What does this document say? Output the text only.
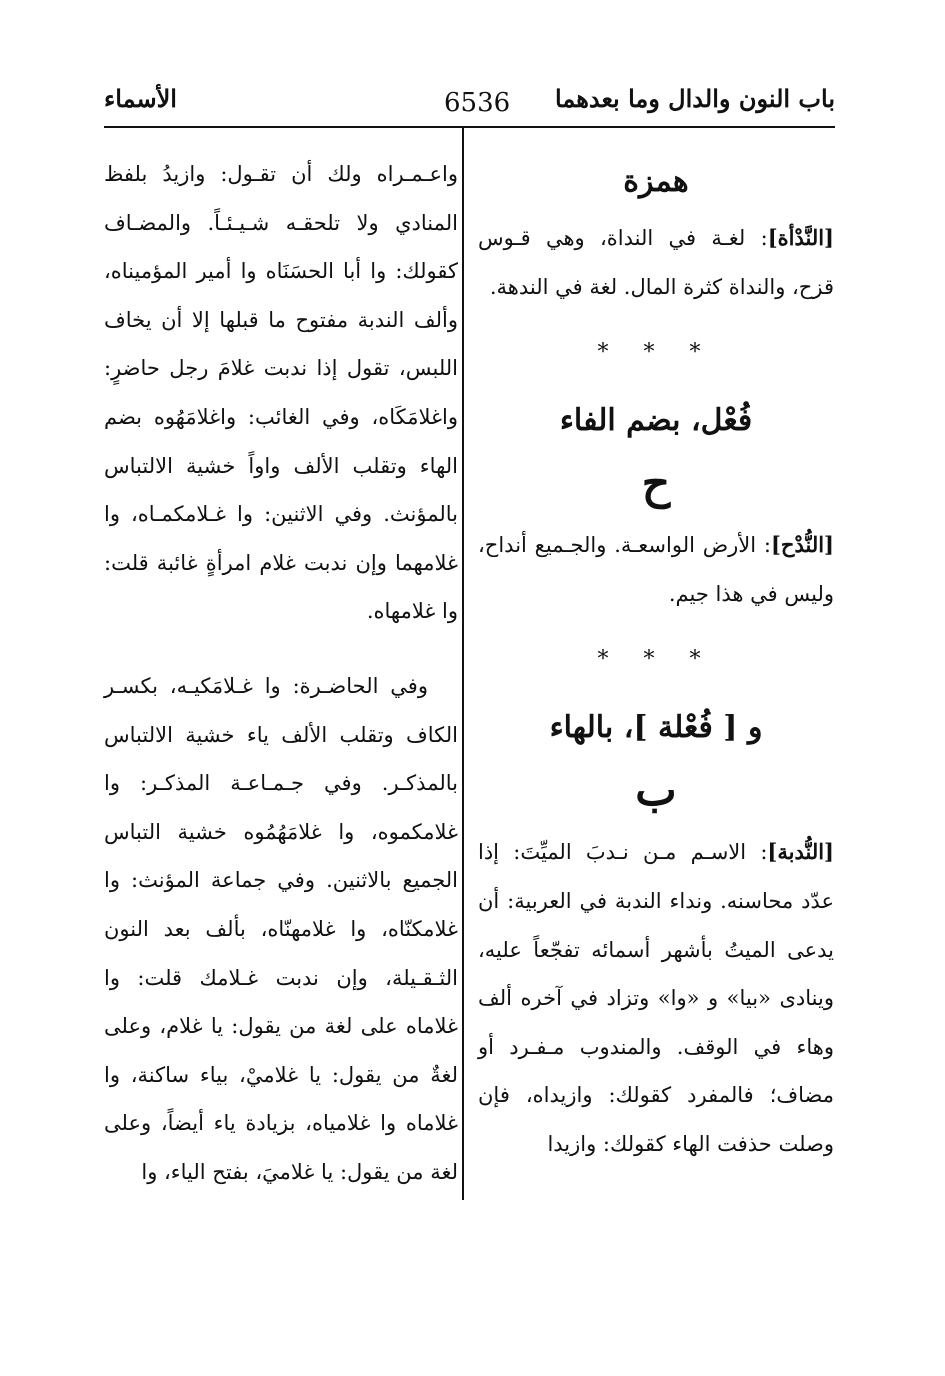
باب النون والدال وما بعدهما
6536
الأسماء
همزة

[النَّدْأة]: لغـة في النداة، وهي قـوس قزح، والنداة كثرة المال. لغة في الندهة.

* * *
فُعْل، بضم الفاء
ح

[النُّدْح]: الأرض الواسعـة. والجـميع أنداح، وليس في هذا جيم.

* * *
و [ فُعْلة ]، بالهاء
ب

[النُّدبة]: الاسـم مـن نـدبَ الميِّتَ: إذا عدّد محاسنه. ونداء الندبة في العربية: أن يدعى الميتُ بأشهر أسمائه تفجّعاً عليه، وينادى «بيا» و «وا» وتزاد في آخره ألف وهاء في الوقف. والمندوب مـفـرد أو مضاف؛ فالمفرد كقولك: وازيداه، فإن وصلت حذفت الهاء كقولك: وازيدا

واعـمـراه ولك أن تقـول: وازيدُ بلفظ المنادي ولا تلحقـه شـيـئـاً. والمضـاف كقولك: وا أبا الحسَنَاه وا أمير المؤميناه، وألف الندبة مفتوح ما قبلها إلا أن يخاف اللبس، تقول إذا ندبت غلامَ رجل حاضرٍ: واغلامَكَاه، وفي الغائب: واغلامَهُوه بضم الهاء وتقلب الألف واواً خشية الالتباس بالمؤنث. وفي الاثنين: وا غـلامكمـاه، وا غلامهما وإن ندبت غلام امرأةٍ غائبة قلت: وا غلامهاه.

وفي الحاضـرة: وا غـلامَكيـه، بكسـر الكاف وتقلب الألف ياء خشية الالتباس بالمذكـر. وفي جـمـاعـة المذكـر: وا غلامكموه، وا غلامَهُمُوه خشية التباس الجميع بالاثنين. وفي جماعة المؤنث: وا غلامكنّاه، وا غلامهنّاه، بألف بعد النون الثـقـيلة، وإن ندبت غـلامك قلت: وا غلاماه على لغة من يقول: يا غلام، وعلى لغةٌ من يقول: يا غلاميْ، بياء ساكنة، وا غلاماه وا غلامياه، بزيادة ياء أيضاً، وعلى لغة من يقول: يا غلاميَ، بفتح الياء، وا
